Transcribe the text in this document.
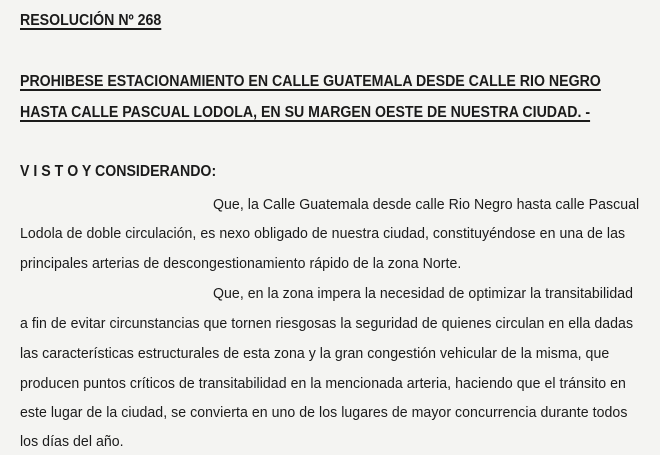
RESOLUCIÓN Nº 268
PROHIBESE ESTACIONAMIENTO EN CALLE GUATEMALA DESDE CALLE RIO NEGRO
HASTA CALLE PASCUAL LODOLA, EN SU MARGEN OESTE DE NUESTRA CIUDAD. -
V I S T O Y CONSIDERANDO:
Que, la Calle Guatemala desde calle Rio Negro hasta calle Pascual
Lodola de doble circulación, es nexo obligado de nuestra ciudad, constituyéndose en una de las
principales arterias de descongestionamiento rápido de la zona Norte.
Que, en la zona impera la necesidad de optimizar la transitabilidad
a fin de evitar circunstancias que tornen riesgosas la seguridad de quienes circulan en ella dadas
las características estructurales de esta zona y la gran congestión vehicular de la misma, que
producen puntos críticos de transitabilidad en la mencionada arteria, haciendo que el tránsito en
este lugar de la ciudad, se convierta en uno de los lugares de mayor concurrencia durante todos
los días del año.
